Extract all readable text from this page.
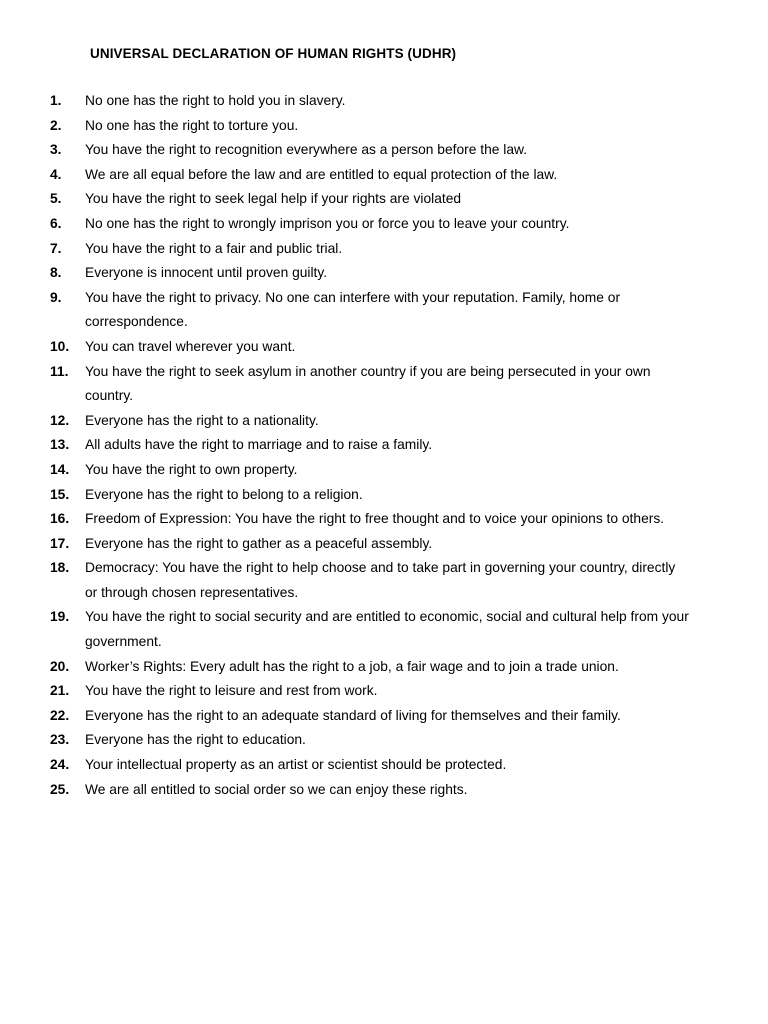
UNIVERSAL DECLARATION OF HUMAN RIGHTS (UDHR)
1. No one has the right to hold you in slavery.
2. No one has the right to torture you.
3. You have the right to recognition everywhere as a person before the law.
4. We are all equal before the law and are entitled to equal protection of the law.
5. You have the right to seek legal help if your rights are violated
6. No one has the right to wrongly imprison you or force you to leave your country.
7. You have the right to a fair and public trial.
8. Everyone is innocent until proven guilty.
9. You have the right to privacy. No one can interfere with your reputation. Family, home or correspondence.
10. You can travel wherever you want.
11. You have the right to seek asylum in another country if you are being persecuted in your own country.
12. Everyone has the right to a nationality.
13. All adults have the right to marriage and to raise a family.
14. You have the right to own property.
15. Everyone has the right to belong to a religion.
16. Freedom of Expression: You have the right to free thought and to voice your opinions to others.
17. Everyone has the right to gather as a peaceful assembly.
18. Democracy: You have the right to help choose and to take part in governing your country, directly or through chosen representatives.
19. You have the right to social security and are entitled to economic, social and cultural help from your government.
20. Worker’s Rights: Every adult has the right to a job, a fair wage and to join a trade union.
21. You have the right to leisure and rest from work.
22. Everyone has the right to an adequate standard of living for themselves and their family.
23. Everyone has the right to education.
24. Your intellectual property as an artist or scientist should be protected.
25. We are all entitled to social order so we can enjoy these rights.
